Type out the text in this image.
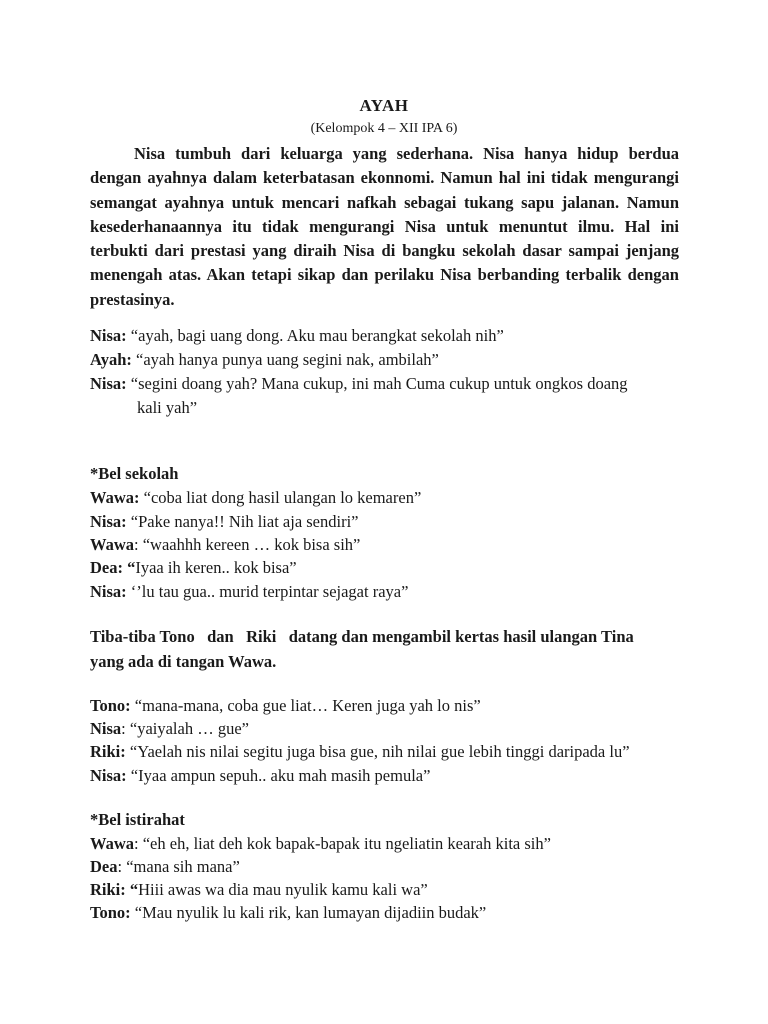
AYAH
(Kelompok 4 – XII IPA 6)

Nisa tumbuh dari keluarga yang sederhana. Nisa hanya hidup berdua dengan ayahnya dalam keterbatasan ekonnomi. Namun hal ini tidak mengurangi semangat ayahnya untuk mencari nafkah sebagai tukang sapu jalanan. Namun kesederhanaannya itu tidak mengurangi Nisa untuk menuntut ilmu. Hal ini terbukti dari prestasi yang diraih Nisa di bangku sekolah dasar sampai jenjang menengah atas. Akan tetapi sikap dan perilaku Nisa berbanding terbalik dengan prestasinya.

Nisa: “ayah, bagi uang dong. Aku mau berangkat sekolah nih”
Ayah: “ayah hanya punya uang segini nak, ambilah”
Nisa: “segini doang yah? Mana cukup, ini mah Cuma cukup untuk ongkos doang
kali yah”
*Bel sekolah
Wawa: “coba liat dong hasil ulangan lo kemaren”
Nisa: “Pake nanya!! Nih liat aja sendiri”
Wawa: “waahhh kereen … kok bisa sih”
Dea: “Iyaa ih keren.. kok bisa”
Nisa: ‘’lu tau gua.. murid terpintar sejagat raya”

Tiba-tiba Tono   dan   Riki   datang dan mengambil kertas hasil ulangan Tina
yang ada di tangan Wawa.

Tono: “mana-mana, coba gue liat… Keren juga yah lo nis”
Nisa: “yaiyalah … gue”
Riki: “Yaelah nis nilai segitu juga bisa gue, nih nilai gue lebih tinggi daripada lu”
Nisa: “Iyaa ampun sepuh.. aku mah masih pemula”
*Bel istirahat
Wawa: “eh eh, liat deh kok bapak-bapak itu ngeliatin kearah kita sih”
Dea: “mana sih mana”
Riki: “Hiii awas wa dia mau nyulik kamu kali wa”
Tono: “Mau nyulik lu kali rik, kan lumayan dijadiin budak”
